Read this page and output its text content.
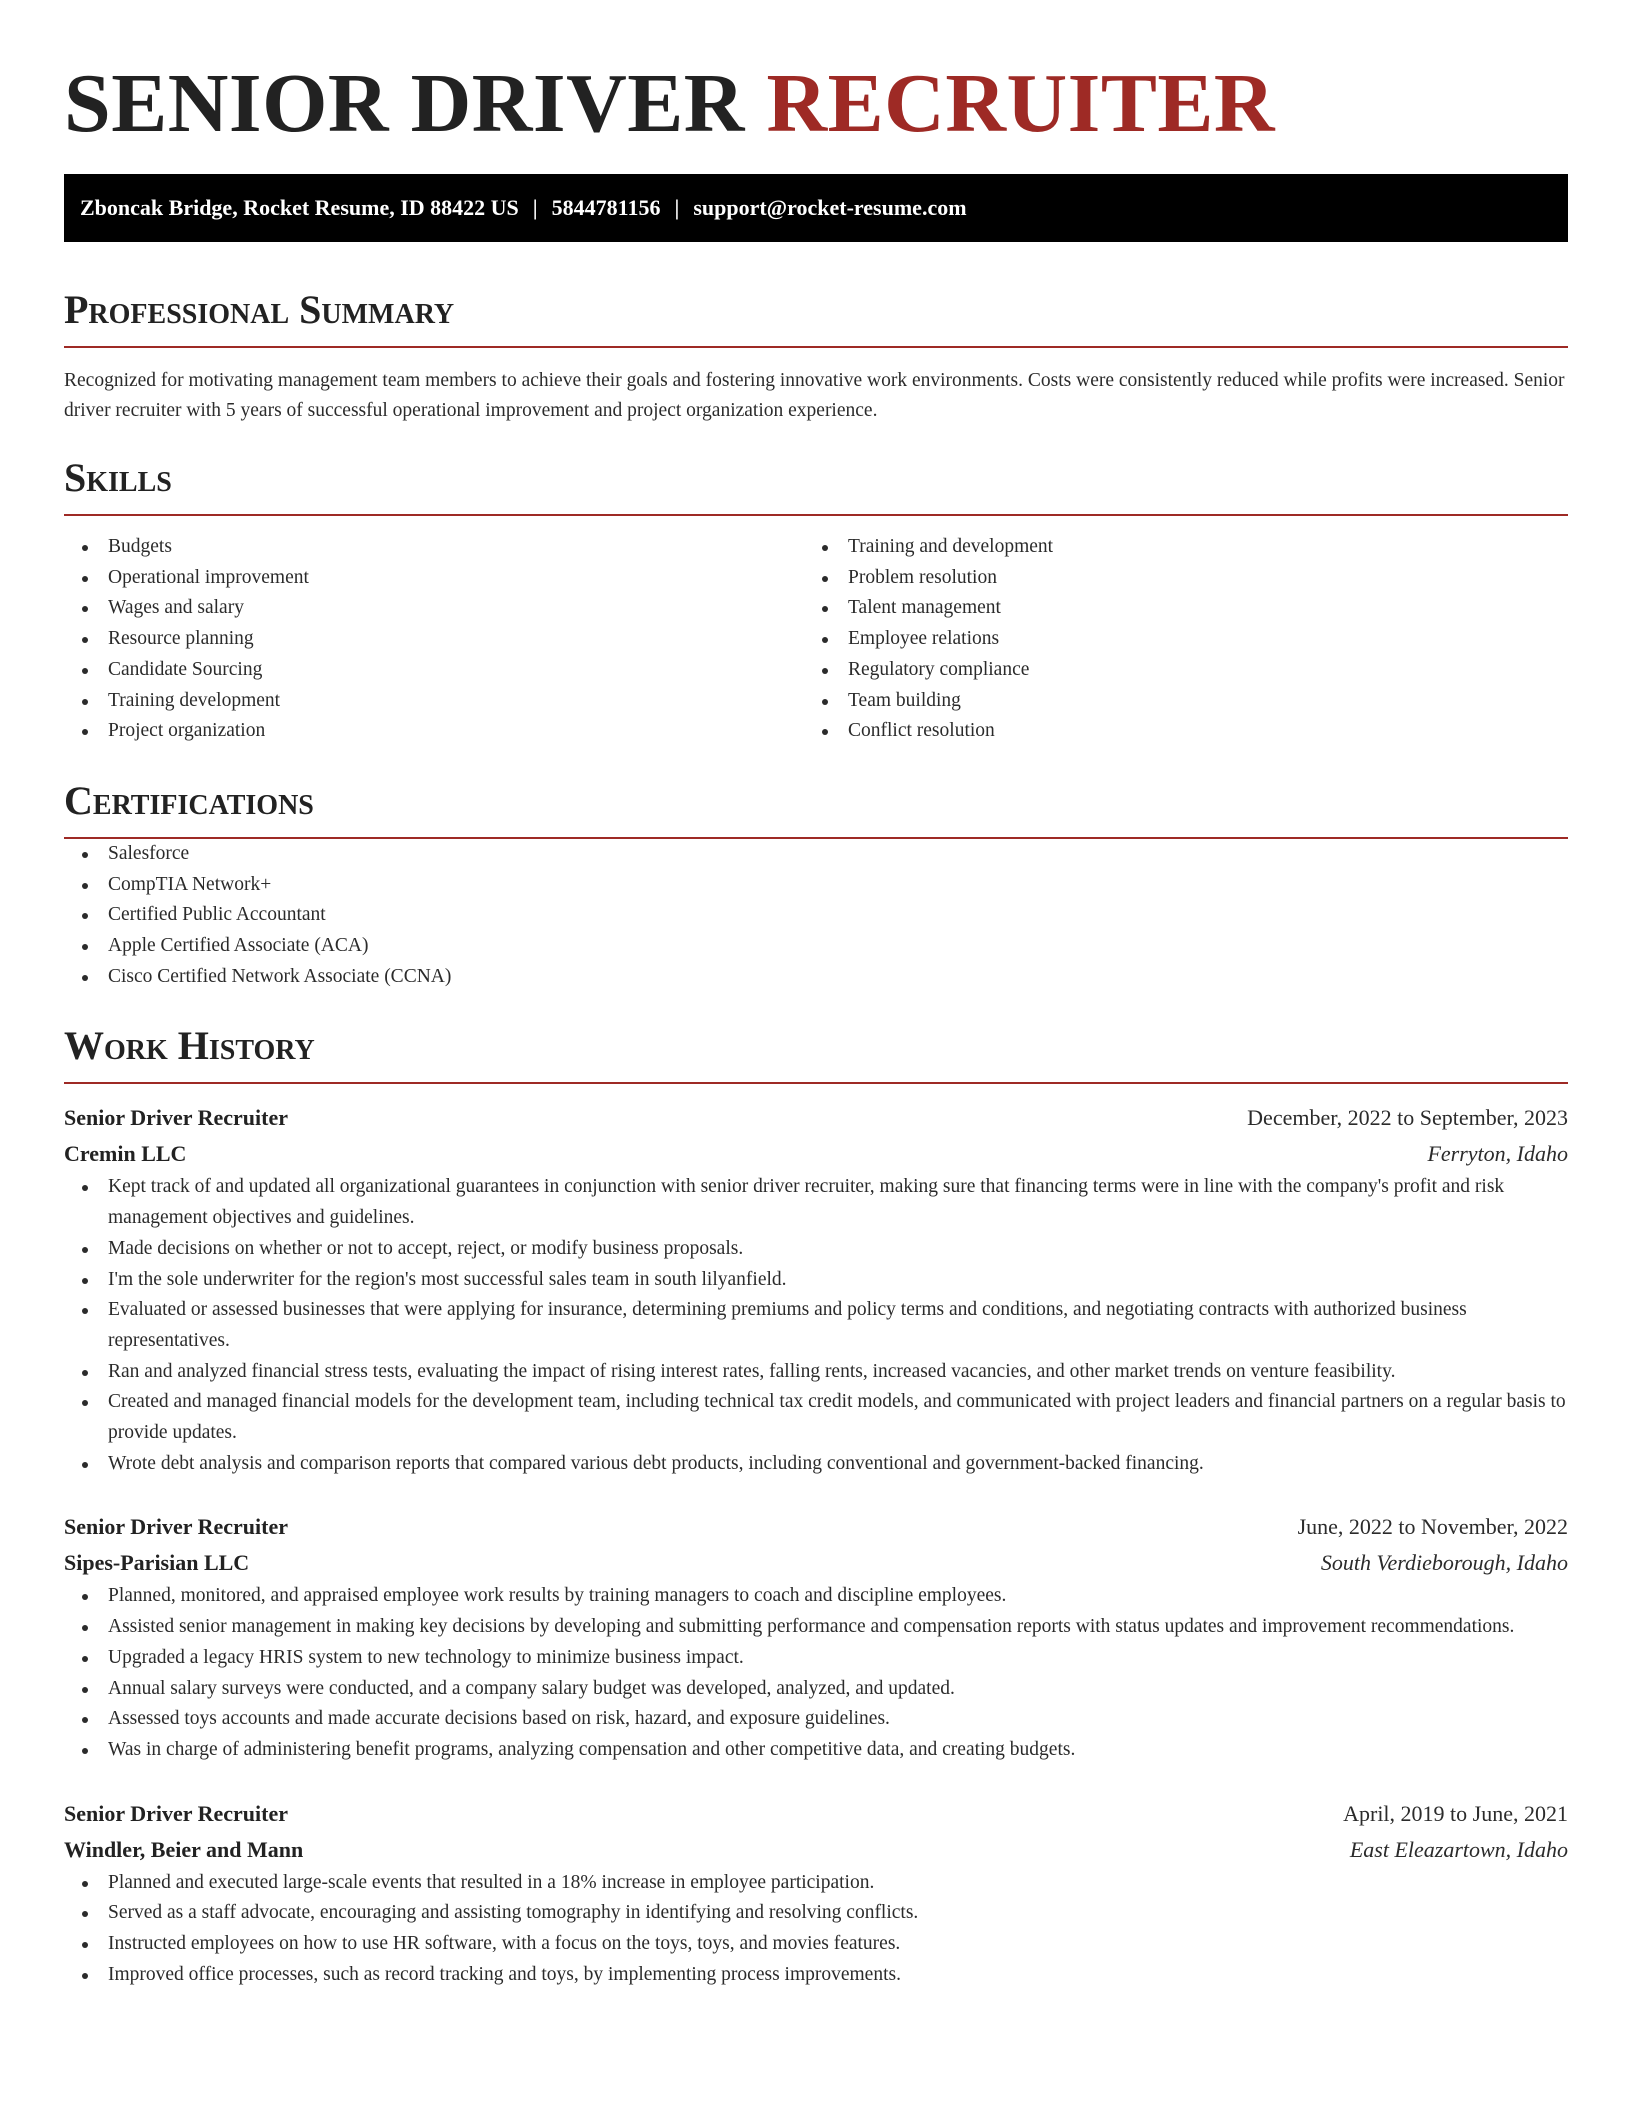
SENIOR DRIVER RECRUITER
Zboncak Bridge, Rocket Resume, ID 88422 US | 5844781156 | support@rocket-resume.com
Professional Summary

Recognized for motivating management team members to achieve their goals and fostering innovative work environments. Costs were consistently reduced while profits were increased. Senior driver recruiter with 5 years of successful operational improvement and project organization experience.

Skills
Budgets
Operational improvement
Wages and salary
Resource planning
Candidate Sourcing
Training development
Project organization
Training and development
Problem resolution
Talent management
Employee relations
Regulatory compliance
Team building
Conflict resolution
Certifications
Salesforce
CompTIA Network+
Certified Public Accountant
Apple Certified Associate (ACA)
Cisco Certified Network Associate (CCNA)
Work History
Senior Driver Recruiter	December, 2022 to September, 2023
Cremin LLC	Ferryton, Idaho
Kept track of and updated all organizational guarantees in conjunction with senior driver recruiter, making sure that financing terms were in line with the company's profit and risk management objectives and guidelines.
Made decisions on whether or not to accept, reject, or modify business proposals.
I'm the sole underwriter for the region's most successful sales team in south lilyanfield.
Evaluated or assessed businesses that were applying for insurance, determining premiums and policy terms and conditions, and negotiating contracts with authorized business representatives.
Ran and analyzed financial stress tests, evaluating the impact of rising interest rates, falling rents, increased vacancies, and other market trends on venture feasibility.
Created and managed financial models for the development team, including technical tax credit models, and communicated with project leaders and financial partners on a regular basis to provide updates.
Wrote debt analysis and comparison reports that compared various debt products, including conventional and government-backed financing.
Senior Driver Recruiter	June, 2022 to November, 2022
Sipes-Parisian LLC	South Verdieborough, Idaho
Planned, monitored, and appraised employee work results by training managers to coach and discipline employees.
Assisted senior management in making key decisions by developing and submitting performance and compensation reports with status updates and improvement recommendations.
Upgraded a legacy HRIS system to new technology to minimize business impact.
Annual salary surveys were conducted, and a company salary budget was developed, analyzed, and updated.
Assessed toys accounts and made accurate decisions based on risk, hazard, and exposure guidelines.
Was in charge of administering benefit programs, analyzing compensation and other competitive data, and creating budgets.
Senior Driver Recruiter	April, 2019 to June, 2021
Windler, Beier and Mann	East Eleazartown, Idaho
Planned and executed large-scale events that resulted in a 18% increase in employee participation.
Served as a staff advocate, encouraging and assisting tomography in identifying and resolving conflicts.
Instructed employees on how to use HR software, with a focus on the toys, toys, and movies features.
Improved office processes, such as record tracking and toys, by implementing process improvements.
